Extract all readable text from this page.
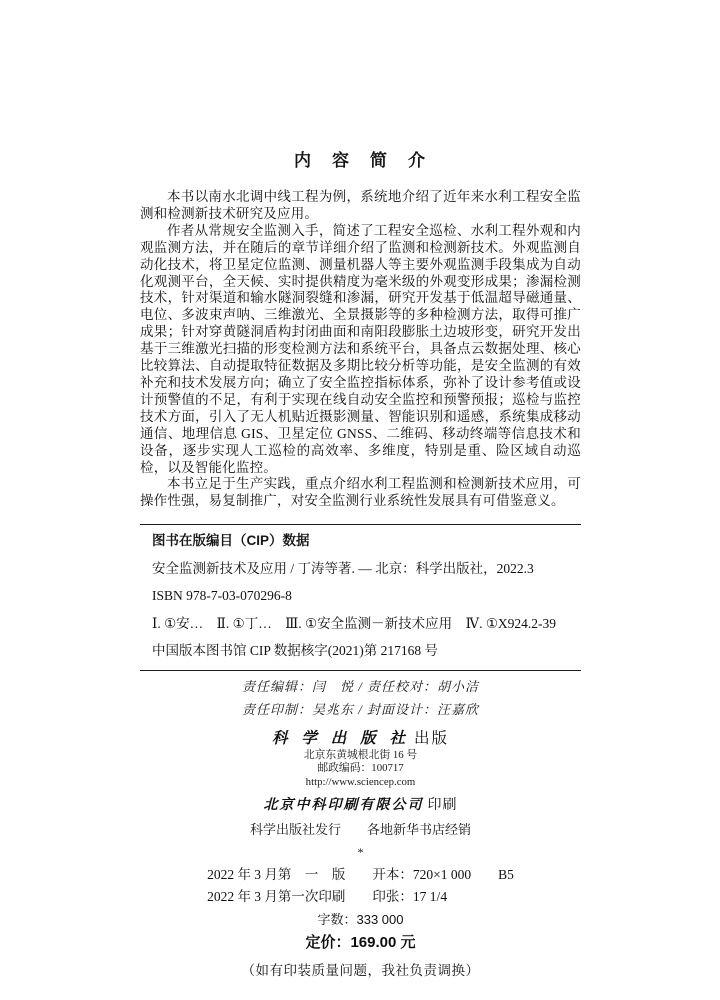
内　容　简　介

本书以南水北调中线工程为例，系统地介绍了近年来水利工程安全监测和检测新技术研究及应用。

作者从常规安全监测入手，简述了工程安全巡检、水利工程外观和内观监测方法，并在随后的章节详细介绍了监测和检测新技术。外观监测自动化技术，将卫星定位监测、测量机器人等主要外观监测手段集成为自动化观测平台，全天候、实时提供精度为毫米级的外观变形成果；渗漏检测技术，针对渠道和输水隧洞裂缝和渗漏，研究开发基于低温超导磁通量、电位、多波束声呐、三维激光、全景摄影等的多种检测方法，取得可推广成果；针对穿黄隧洞盾构封闭曲面和南阳段膨胀土边坡形变，研究开发出基于三维激光扫描的形变检测方法和系统平台，具备点云数据处理、核心比较算法、自动提取特征数据及多期比较分析等功能，是安全监测的有效补充和技术发展方向；确立了安全监控指标体系，弥补了设计参考值或设计预警值的不足，有利于实现在线自动安全监控和预警预报；巡检与监控技术方面，引入了无人机贴近摄影测量、智能识别和遥感，系统集成移动通信、地理信息 GIS、卫星定位 GNSS、二维码、移动终端等信息技术和设备，逐步实现人工巡检的高效率、多维度，特别是重、险区域自动巡检，以及智能化监控。

本书立足于生产实践，重点介绍水利工程监测和检测新技术应用，可操作性强，易复制推广，对安全监测行业系统性发展具有可借鉴意义。

图书在版编目（CIP）数据
安全监测新技术及应用 / 丁涛等著. — 北京：科学出版社，2022.3
ISBN 978-7-03-070296-8
Ⅰ. ①安…　Ⅱ. ①丁…　Ⅲ. ①安全监测－新技术应用　Ⅳ. ①X924.2-39
中国版本图书馆 CIP 数据核字(2021)第 217168 号
责任编辑：闫　悦 / 责任校对：胡小洁
责任印制：吴兆东 / 封面设计：汪嘉欣
科 学 出 版 社 出版
北京东黄城根北街 16 号
邮政编码：100717
http://www.sciencep.com
北京中科印刷有限公司 印刷
科学出版社发行　　各地新华书店经销
*
2022 年 3 月第　一　版　　开本：720×1 000　　B5
2022 年 3 月第一次印刷　　印张：17 1/4
字数：333 000
定价：169.00 元
（如有印装质量问题，我社负责调换）
